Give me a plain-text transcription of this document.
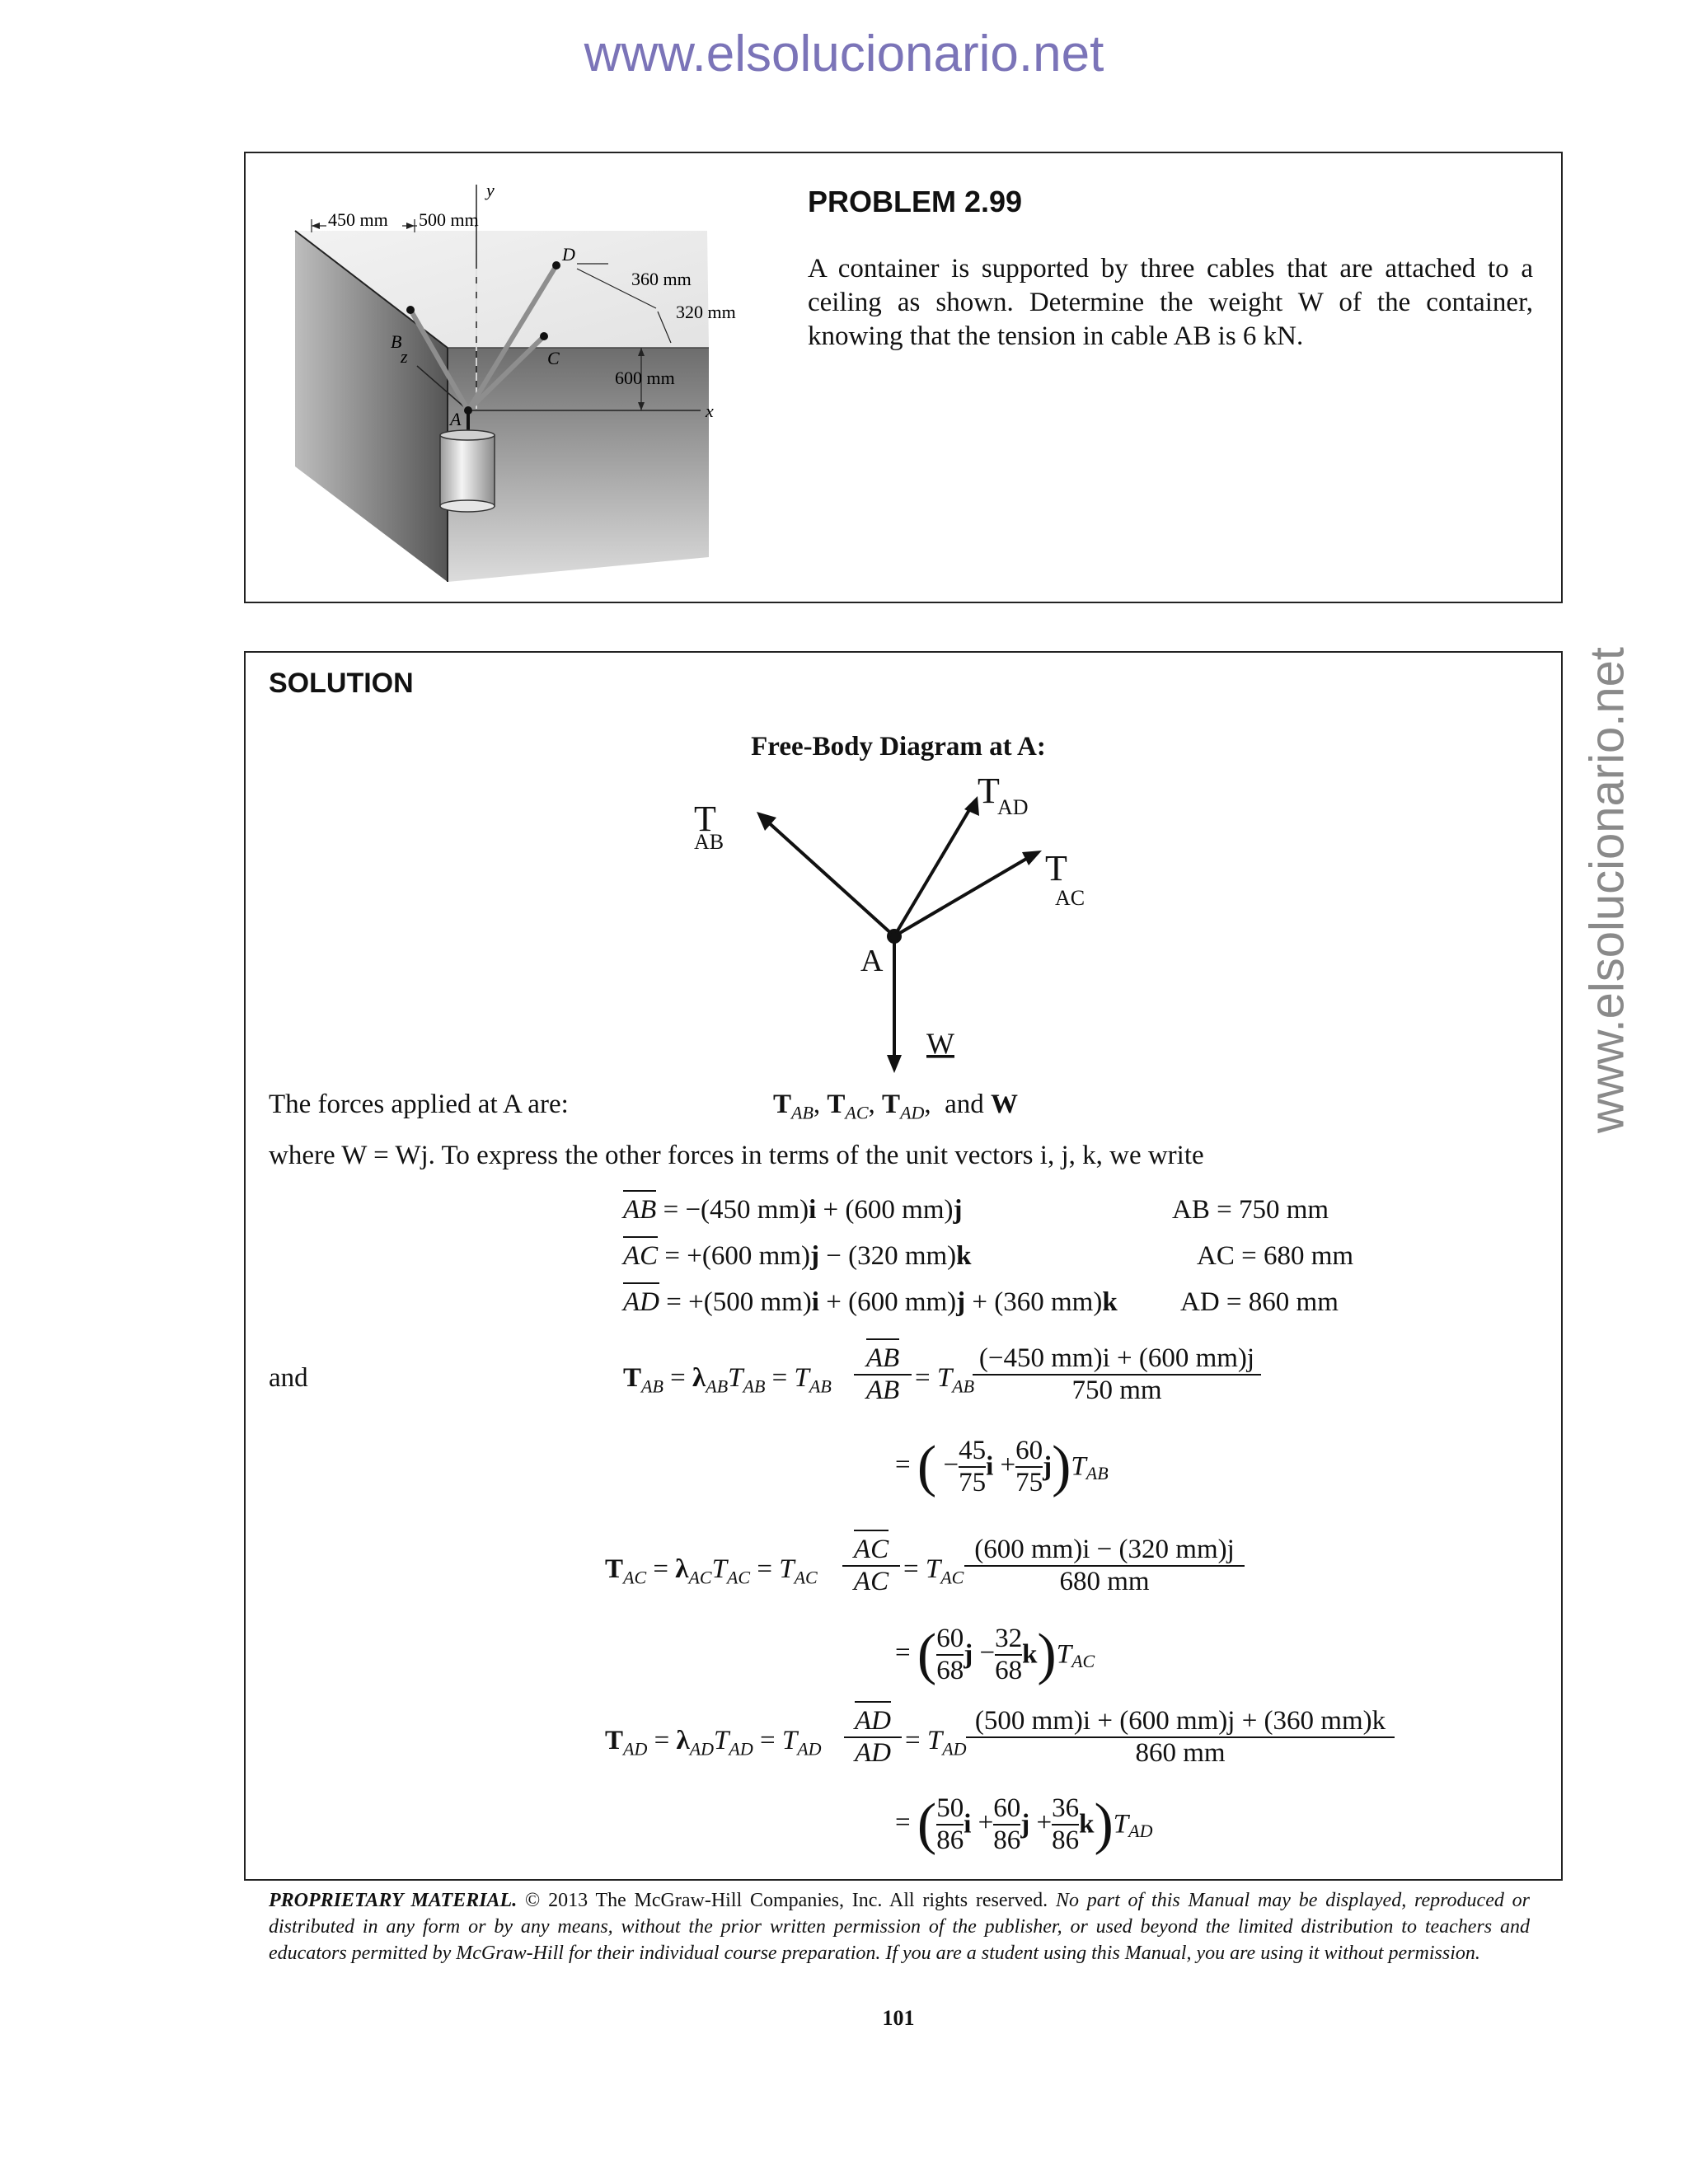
www.elsolucionario.net
www.elsolucionario.net
y
x
z
B
C
D
A
450 mm 500 mm
360 mm
320 mm
600 mm
PROBLEM 2.99
A container is supported by three cables that are attached to a ceiling as shown. Determine the weight W of the container, knowing that the tension in cable AB is 6 kN.
SOLUTION
Free-Body Diagram at A:
T
AB
T
AD
T
AC
A
W
The forces applied at A are:	$T_{AB}$, $T_{AC}$, $T_{AD}$,  and W
where W = Wj. To express the other forces in terms of the unit vectors i, j, k, we write
AB
= −(450 mm)i + (600 mm)j	AB = 750 mm
AC
= +(600 mm)j − (320 mm)k	AC = 680 mm
AD
= +(500 mm)i + (600 mm)j + (360 mm)k AD = 860 mm
and	$T_{AB} = \lambda_{AB}T_{AB} = T_{AB}$
AB
AB = $T_{AB}$
$\frac{(-450 mm)i + (600 mm)j}{750 mm}$
= ( − $\frac{45}{75}$ $i + \frac{60}{75} j)T_{AB}$
$T_{AC} = \lambda_{AC}T_{AC} = T_{AC}$
AC
AC = $T_{AC} \frac{(600 mm)i - (320 mm)j}{680 mm}$
= ( $\frac{60}{68}$ $j - \frac{32}{68} k)T_{AC}$
$T_{AD} = \lambda_{AD}T_{AD} = T_{AD}$
AD
AD = $T_{AD} \frac{(500 mm)i + (600 mm)j + (360 mm)k}{860 mm}$
= ( $\frac{50}{86}$ $i + \frac{60}{86}$ $j + \frac{36}{86} k)T_{AD}$
PROPRIETARY MATERIAL. © 2013 The McGraw-Hill Companies, Inc. All rights reserved. No part of this Manual may be displayed, reproduced or distributed in any form or by any means, without the prior written permission of the publisher, or used beyond the limited distribution to teachers and educators permitted by McGraw-Hill for their individual course preparation. If you are a student using this Manual, you are using it without permission.
101
